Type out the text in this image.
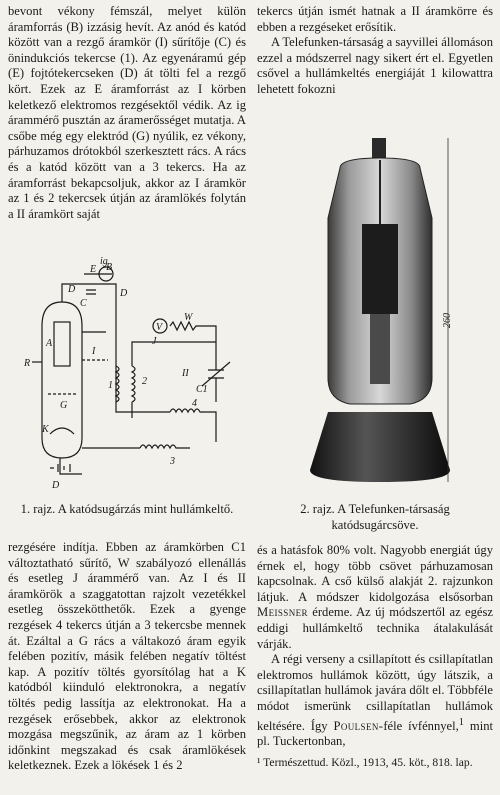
bevont vékony fémszál, melyet külön áramforrás (B) izzásig hevít. Az anód és katód között van a rezgő áramkör (I) sűrítője (C) és önindukciós tekercse (1). Az egyenáramú gép (E) fojtótekercseken (D) át tölti fel a rezgő kört. Ezek az E áramforrást az I körben keletkező elektromos rezgésektől védik. Az ig árammérő pusztán az áramerősséget mutatja. A csőbe még egy elektród (G) nyúlik, ez vékony, párhuzamos drótokból szerkesztett rács. A rács és a katód között van a 3 tekercs. Ha az áramforrást bekapcsoljuk, akkor az I áramkör az 1 és 2 tekercsek útján az áramlökés folytán a II áramkört saját

tekercs útján ismét hatnak a II áramkörre és ebben a rezgéseket erősítik.

A Telefunken-társaság a sayvillei állomáson ezzel a módszerrel nagy sikert ért el. Egyetlen csővel a hullámkeltés energiáját 1 kilowattra lehetett fokozni

B
E
D	D
C
A
R
I
1
V
J
W
2
II
C1
G	4
K
3
D
ig
260
1. rajz. A katódsugárzás mint hullámkeltő.	2. rajz. A Telefunken-társaság katódsugárcsöve.

rezgésére indítja. Ebben az áramkörben C1 változtatható sűrítő, W szabályozó ellenállás és esetleg J árammérő van. Az I és II áramkörök a szaggatottan rajzolt vezetékkel esetleg összekötthetők. Ezek a gyenge rezgések 4 tekercs útján a 3 tekercsbe mennek át. Ezáltal a G rács a váltakozó áram egyik felében pozitív, másik felében negatív töltést kap. A pozitív töltés gyorsítólag hat a K katódból kiinduló elektronokra, a negatív töltés pedig lassítja az elektronokat. Ha a rezgések erősebbek, akkor az elektronok mozgása megszűnik, az áram az 1 körben időnkint megszakad és csak áramlökések keletkeznek. Ezek a lökések 1 és 2

és a hatásfok 80% volt. Nagyobb energiát úgy érnek el, hogy több csövet párhuzamosan kapcsolnak. A cső külső alakját 2. rajzunkon látjuk. A módszer kidolgozása elsősorban Meissner érdeme. Az új módszertől az egész eddigi hullámkeltő technika átalakulását várják.

A régi verseny a csillapított és csillapítatlan elektromos hullámok között, úgy látszik, a csillapítatlan hullámok javára dőlt el. Többféle módot ismerünk csillapítatlan hullámok keltésére. Így Poulsen-féle ívfénnyel,$^1$ mint pl. Tuckertonban,

¹ Természettud. Közl., 1913, 45. köt., 818. lap.
